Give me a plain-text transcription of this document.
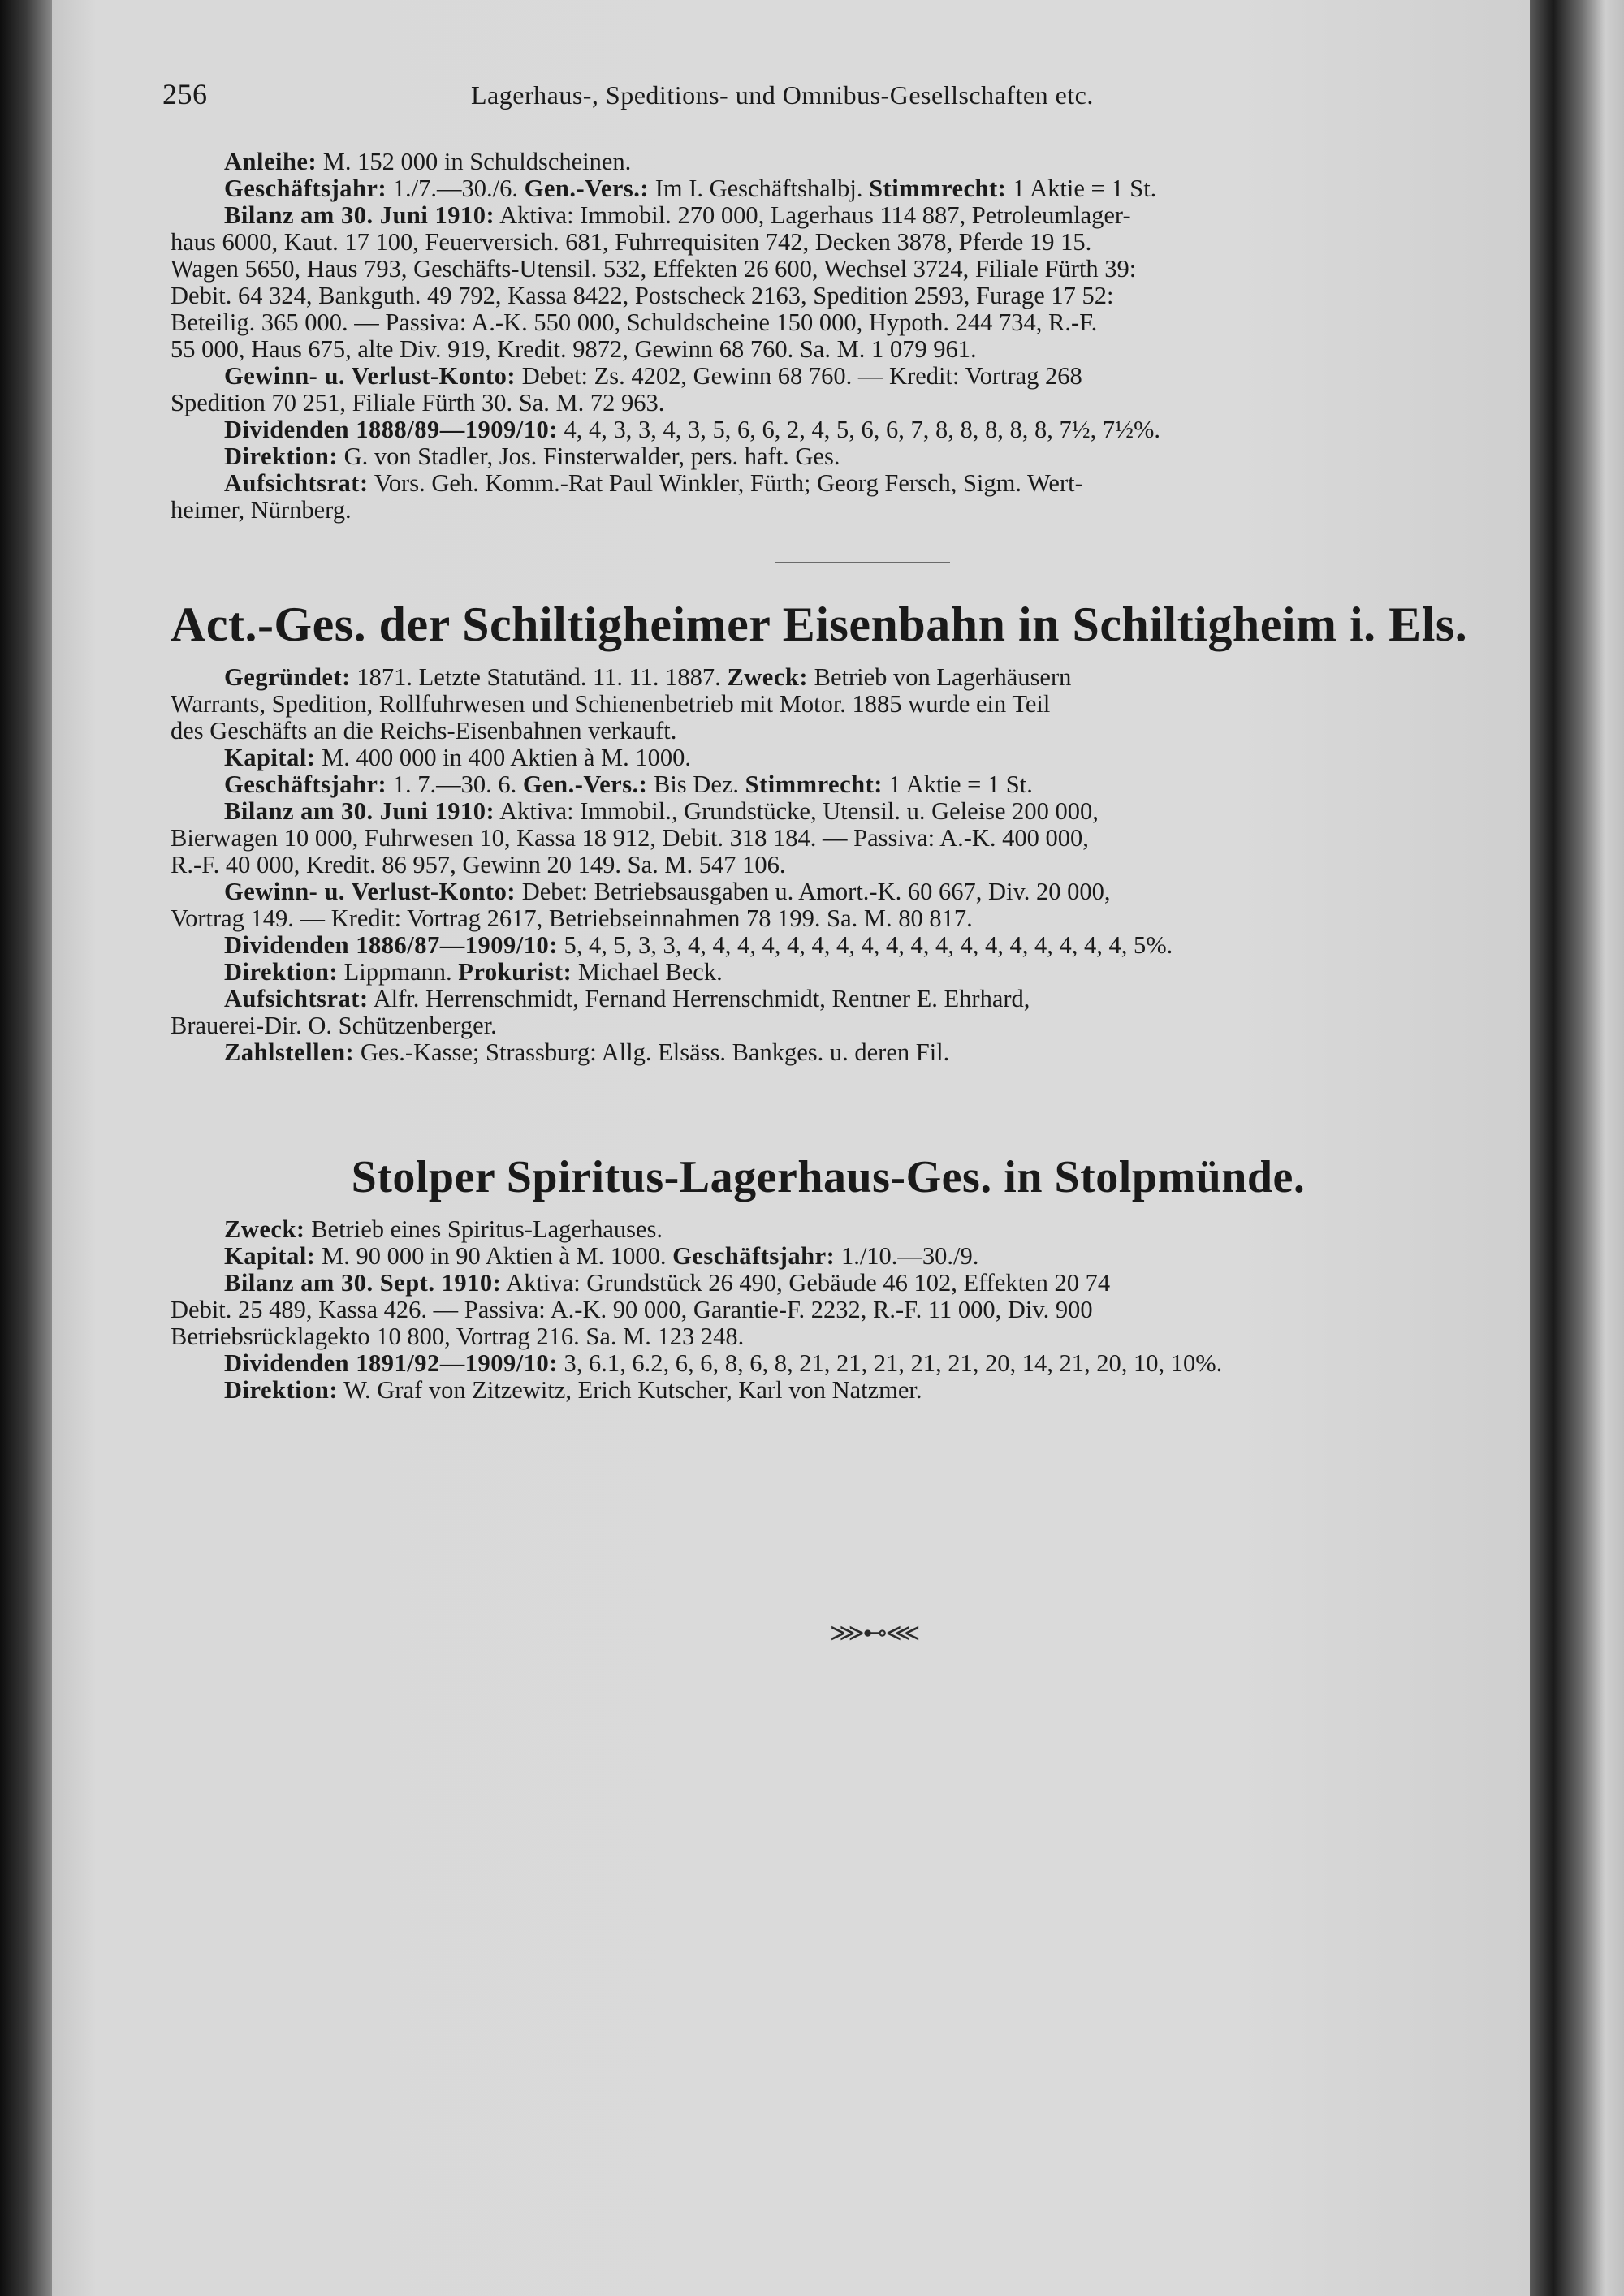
256	Lagerhaus-, Speditions- und Omnibus-Gesellschaften etc.

Anleihe: M. 152 000 in Schuldscheinen.

Geschäftsjahr: 1./7.—30./6. Gen.-Vers.: Im I. Geschäftshalbj. Stimmrecht: 1 Aktie = 1 St.

Bilanz am 30. Juni 1910: Aktiva: Immobil. 270 000, Lagerhaus 114 887, Petroleumlager-

haus 6000, Kaut. 17 100, Feuerversich. 681, Fuhrrequisiten 742, Decken 3878, Pferde 19 15.

Wagen 5650, Haus 793, Geschäfts-Utensil. 532, Effekten 26 600, Wechsel 3724, Filiale Fürth 39:

Debit. 64 324, Bankguth. 49 792, Kassa 8422, Postscheck 2163, Spedition 2593, Furage 17 52:

Beteilig. 365 000. — Passiva: A.-K. 550 000, Schuldscheine 150 000, Hypoth. 244 734, R.-F.

55 000, Haus 675, alte Div. 919, Kredit. 9872, Gewinn 68 760. Sa. M. 1 079 961.

Gewinn- u. Verlust-Konto: Debet: Zs. 4202, Gewinn 68 760. — Kredit: Vortrag 268

Spedition 70 251, Filiale Fürth 30. Sa. M. 72 963.

Dividenden 1888/89—1909/10: 4, 4, 3, 3, 4, 3, 5, 6, 6, 2, 4, 5, 6, 6, 7, 8, 8, 8, 8, 8, 7½, 7½%.

Direktion: G. von Stadler, Jos. Finsterwalder, pers. haft. Ges.

Aufsichtsrat: Vors. Geh. Komm.-Rat Paul Winkler, Fürth; Georg Fersch, Sigm. Wert-

heimer, Nürnberg.

Act.-Ges. der Schiltigheimer Eisenbahn in Schiltigheim i. Els.

Gegründet: 1871. Letzte Statutänd. 11. 11. 1887. Zweck: Betrieb von Lagerhäusern

Warrants, Spedition, Rollfuhrwesen und Schienenbetrieb mit Motor. 1885 wurde ein Teil

des Geschäfts an die Reichs-Eisenbahnen verkauft.

Kapital: M. 400 000 in 400 Aktien à M. 1000.

Geschäftsjahr: 1. 7.—30. 6. Gen.-Vers.: Bis Dez. Stimmrecht: 1 Aktie = 1 St.

Bilanz am 30. Juni 1910: Aktiva: Immobil., Grundstücke, Utensil. u. Geleise 200 000,

Bierwagen 10 000, Fuhrwesen 10, Kassa 18 912, Debit. 318 184. — Passiva: A.-K. 400 000,

R.-F. 40 000, Kredit. 86 957, Gewinn 20 149. Sa. M. 547 106.

Gewinn- u. Verlust-Konto: Debet: Betriebsausgaben u. Amort.-K. 60 667, Div. 20 000,

Vortrag 149. — Kredit: Vortrag 2617, Betriebseinnahmen 78 199. Sa. M. 80 817.

Dividenden 1886/87—1909/10: 5, 4, 5, 3, 3, 4, 4, 4, 4, 4, 4, 4, 4, 4, 4, 4, 4, 4, 4, 4, 4, 4, 4, 5%.

Direktion: Lippmann. Prokurist: Michael Beck.

Aufsichtsrat: Alfr. Herrenschmidt, Fernand Herrenschmidt, Rentner E. Ehrhard,

Brauerei-Dir. O. Schützenberger.

Zahlstellen: Ges.-Kasse; Strassburg: Allg. Elsäss. Bankges. u. deren Fil.

Stolper Spiritus-Lagerhaus-Ges. in Stolpmünde.

Zweck: Betrieb eines Spiritus-Lagerhauses.

Kapital: M. 90 000 in 90 Aktien à M. 1000. Geschäftsjahr: 1./10.—30./9.

Bilanz am 30. Sept. 1910: Aktiva: Grundstück 26 490, Gebäude 46 102, Effekten 20 74

Debit. 25 489, Kassa 426. — Passiva: A.-K. 90 000, Garantie-F. 2232, R.-F. 11 000, Div. 900

Betriebsrücklagekto 10 800, Vortrag 216. Sa. M. 123 248.

Dividenden 1891/92—1909/10: 3, 6.1, 6.2, 6, 6, 8, 6, 8, 21, 21, 21, 21, 21, 20, 14, 21, 20, 10, 10%.

Direktion: W. Graf von Zitzewitz, Erich Kutscher, Karl von Natzmer.

⋙⊷⋘
